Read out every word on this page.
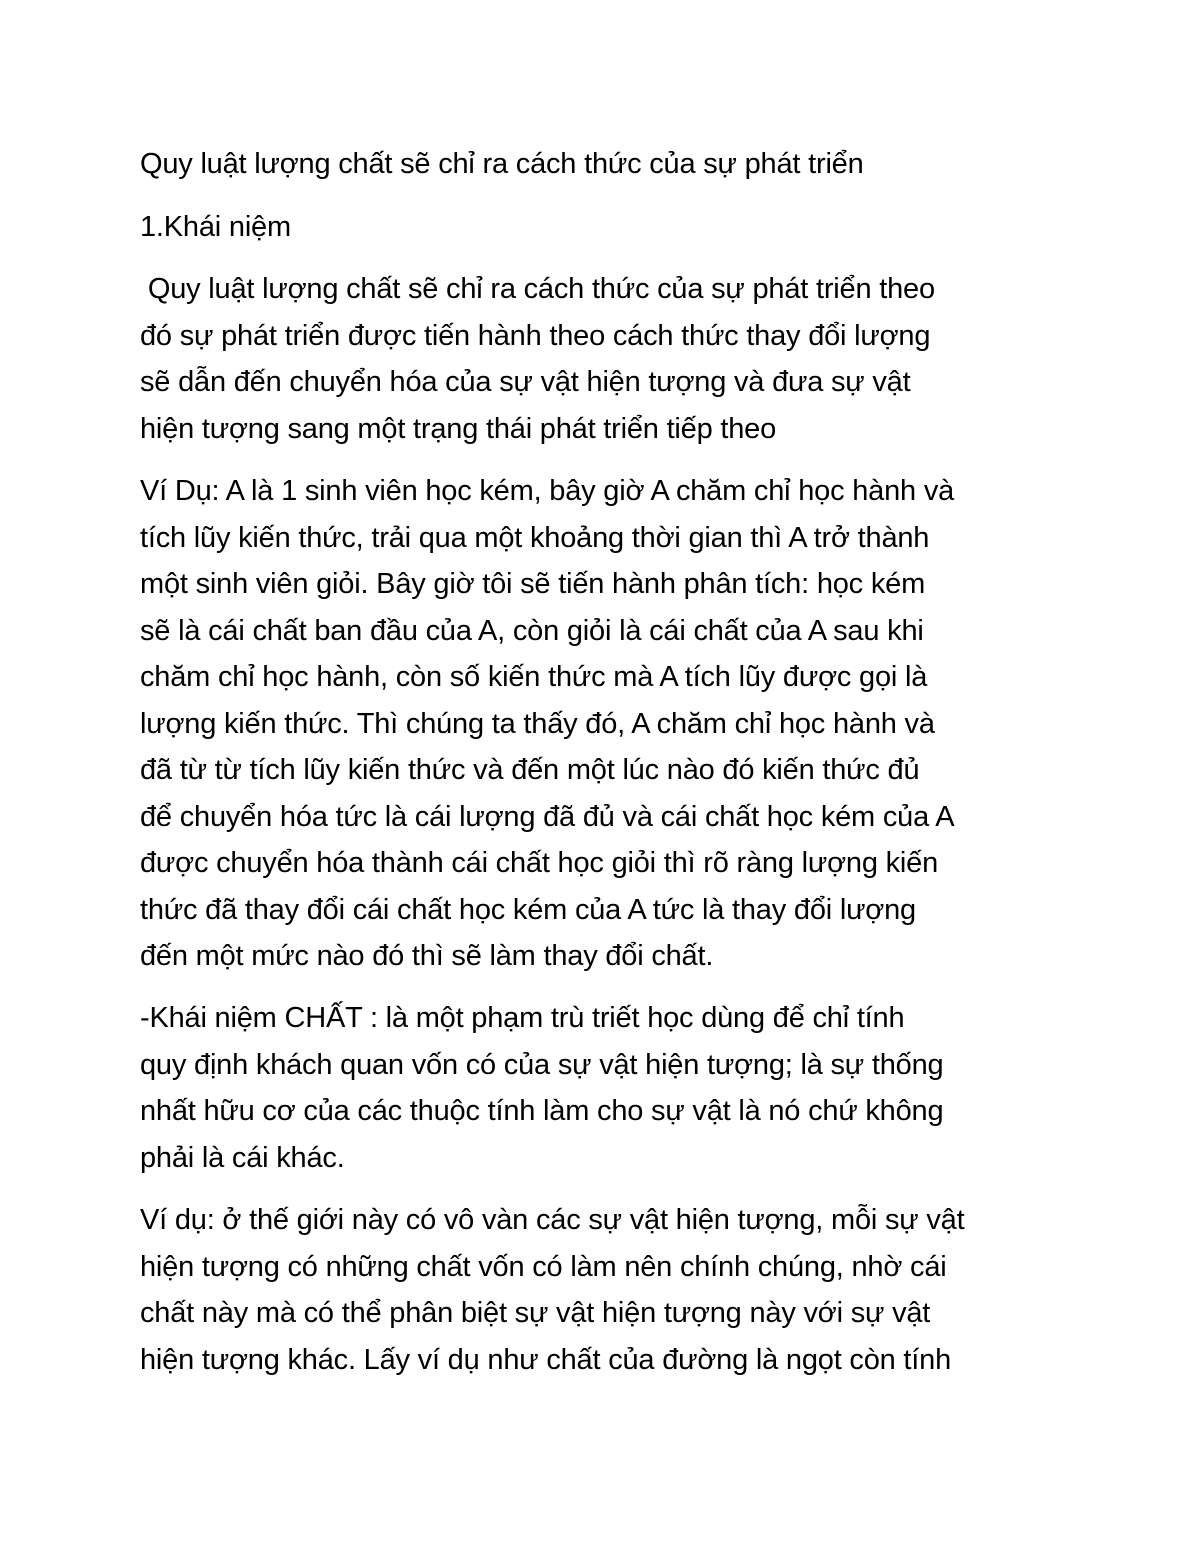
Quy luật lượng chất sẽ chỉ ra cách thức của sự phát triển

1.Khái niệm

Quy luật lượng chất sẽ chỉ ra cách thức của sự phát triển theo

đó sự phát triển được tiến hành theo cách thức thay đổi lượng

sẽ dẫn đến chuyển hóa của sự vật hiện tượng và đưa sự vật

hiện tượng sang một trạng thái phát triển tiếp theo

Ví Dụ: A là 1 sinh viên học kém, bây giờ A chăm chỉ học hành và

tích lũy kiến thức, trải qua một khoảng thời gian thì A trở thành

một sinh viên giỏi. Bây giờ tôi sẽ tiến hành phân tích: học kém

sẽ là cái chất ban đầu của A, còn giỏi là cái chất của A sau khi

chăm chỉ học hành, còn số kiến thức mà A tích lũy được gọi là

lượng kiến thức. Thì chúng ta thấy đó, A chăm chỉ học hành và

đã từ từ tích lũy kiến thức và đến một lúc nào đó kiến thức đủ

để chuyển hóa tức là cái lượng đã đủ và cái chất học kém của A

được chuyển hóa thành cái chất học giỏi thì rõ ràng lượng kiến

thức đã thay đổi cái chất học kém của A tức là thay đổi lượng

đến một mức nào đó thì sẽ làm thay đổi chất.

-Khái niệm CHẤT : là một phạm trù triết học dùng để chỉ tính

quy định khách quan vốn có của sự vật hiện tượng; là sự thống

nhất hữu cơ của các thuộc tính làm cho sự vật là nó chứ không

phải là cái khác.

Ví dụ: ở thế giới này có vô vàn các sự vật hiện tượng, mỗi sự vật

hiện tượng có những chất vốn có làm nên chính chúng, nhờ cái

chất này mà có thể phân biệt sự vật hiện tượng này với sự vật

hiện tượng khác. Lấy ví dụ như chất của đường là ngọt còn tính
